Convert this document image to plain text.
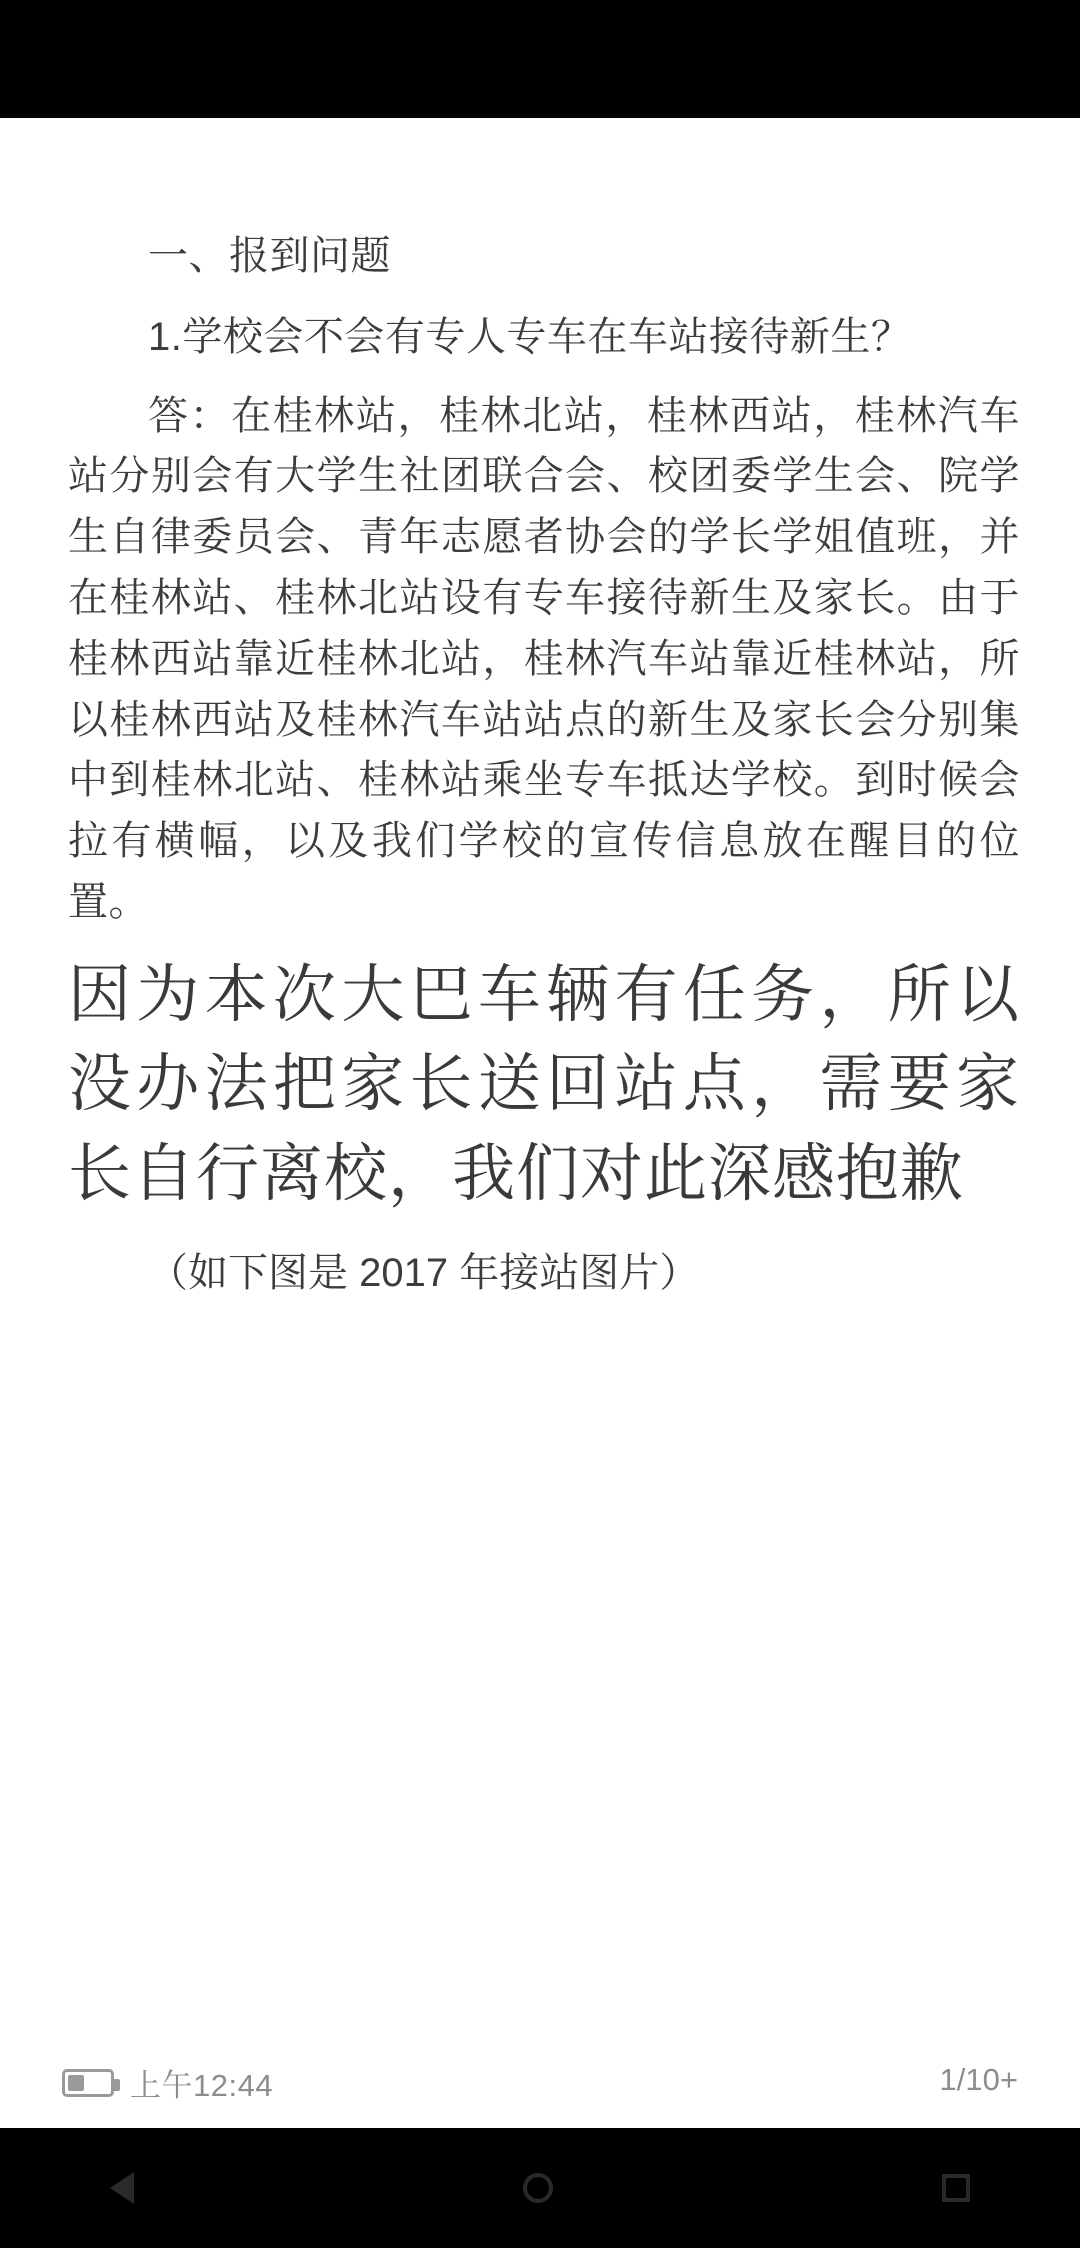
一、报到问题

1.学校会不会有专人专车在车站接待新生？

答：在桂林站，桂林北站，桂林西站，桂林汽车站分别会有大学生社团联合会、校团委学生会、院学生自律委员会、青年志愿者协会的学长学姐值班，并在桂林站、桂林北站设有专车接待新生及家长。由于桂林西站靠近桂林北站，桂林汽车站靠近桂林站，所以桂林西站及桂林汽车站站点的新生及家长会分别集中到桂林北站、桂林站乘坐专车抵达学校。到时候会拉有横幅，以及我们学校的宣传信息放在醒目的位置。

因为本次大巴车辆有任务，所以没办法把家长送回站点，需要家长自行离校，我们对此深感抱歉

（如下图是 2017 年接站图片）

上午12:44	1/10+
